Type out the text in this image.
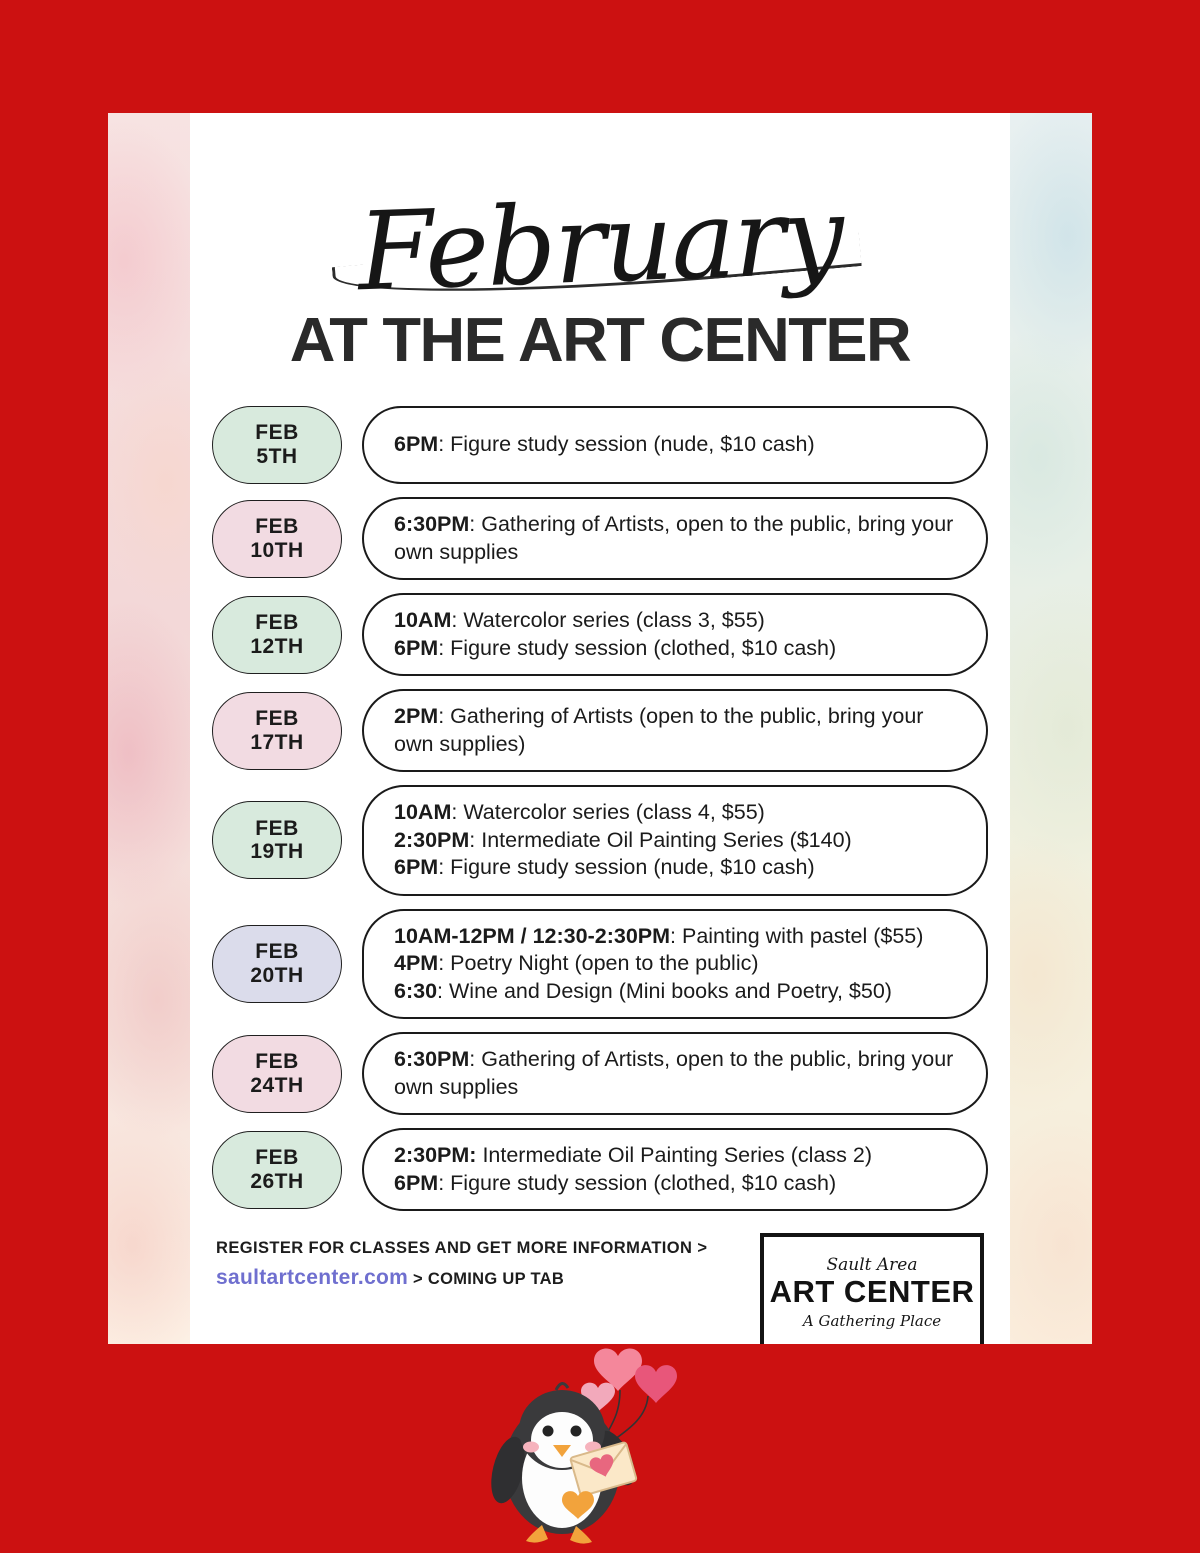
February
AT THE ART CENTER
FEB
5TH
6PM: Figure study session (nude, $10 cash)
FEB
10TH
6:30PM: Gathering of Artists, open to the public, bring your own supplies
FEB
12TH
10AM: Watercolor series (class 3, $55)
6PM: Figure study session (clothed, $10 cash)
FEB
17TH
2PM: Gathering of Artists (open to the public, bring your own supplies)
FEB
19TH
10AM: Watercolor series (class 4, $55)
2:30PM: Intermediate Oil Painting Series ($140)
6PM: Figure study session (nude, $10 cash)
FEB
20TH
10AM-12PM / 12:30-2:30PM: Painting with pastel ($55)
4PM: Poetry Night (open to the public)
6:30: Wine and Design (Mini books and Poetry, $50)
FEB
24TH
6:30PM: Gathering of Artists, open to the public, bring your own supplies
FEB
26TH
2:30PM: Intermediate Oil Painting Series (class 2)
6PM: Figure study session (clothed, $10 cash)
REGISTER FOR CLASSES AND GET MORE INFORMATION >
saultartcenter.com > COMING UP TAB
Sault Area
ART CENTER
A Gathering Place
